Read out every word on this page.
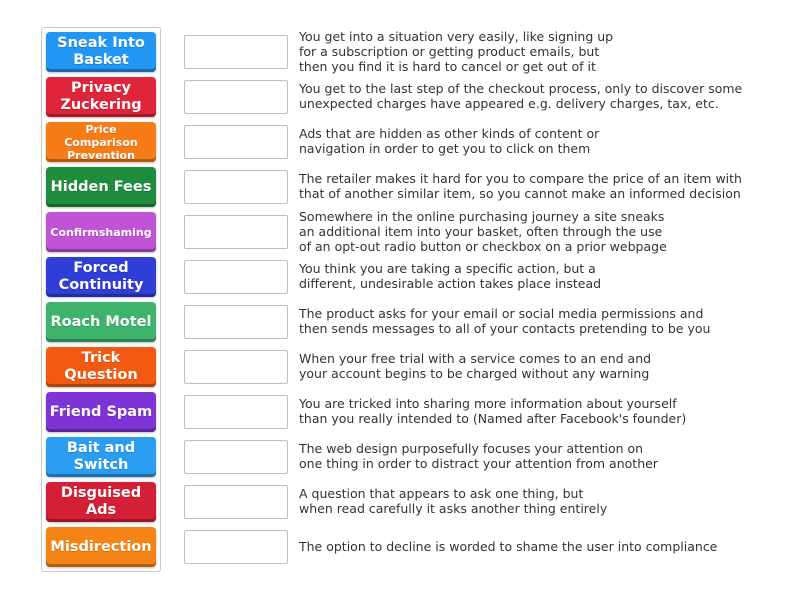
Sneak Into
Basket
Privacy
Zuckering
Price Comparison
Prevention
Hidden Fees
Confirmshaming
Forced
Continuity
Roach Motel
Trick
Question
Friend Spam
Bait and
Switch
Disguised
Ads
Misdirection
You get into a situation very easily, like signing up
for a subscription or getting product emails, but
then you find it is hard to cancel or get out of it
You get to the last step of the checkout process, only to discover some
unexpected charges have appeared e.g. delivery charges, tax, etc.
Ads that are hidden as other kinds of content or
navigation in order to get you to click on them
The retailer makes it hard for you to compare the price of an item with
that of another similar item, so you cannot make an informed decision
Somewhere in the online purchasing journey a site sneaks
an additional item into your basket, often through the use
of an opt-out radio button or checkbox on a prior webpage
You think you are taking a specific action, but a
different, undesirable action takes place instead
The product asks for your email or social media permissions and
then sends messages to all of your contacts pretending to be you
When your free trial with a service comes to an end and
your account begins to be charged without any warning
You are tricked into sharing more information about yourself
than you really intended to (Named after Facebook's founder)
The web design purposefully focuses your attention on
one thing in order to distract your attention from another
A question that appears to ask one thing, but
when read carefully it asks another thing entirely
The option to decline is worded to shame the user into compliance
